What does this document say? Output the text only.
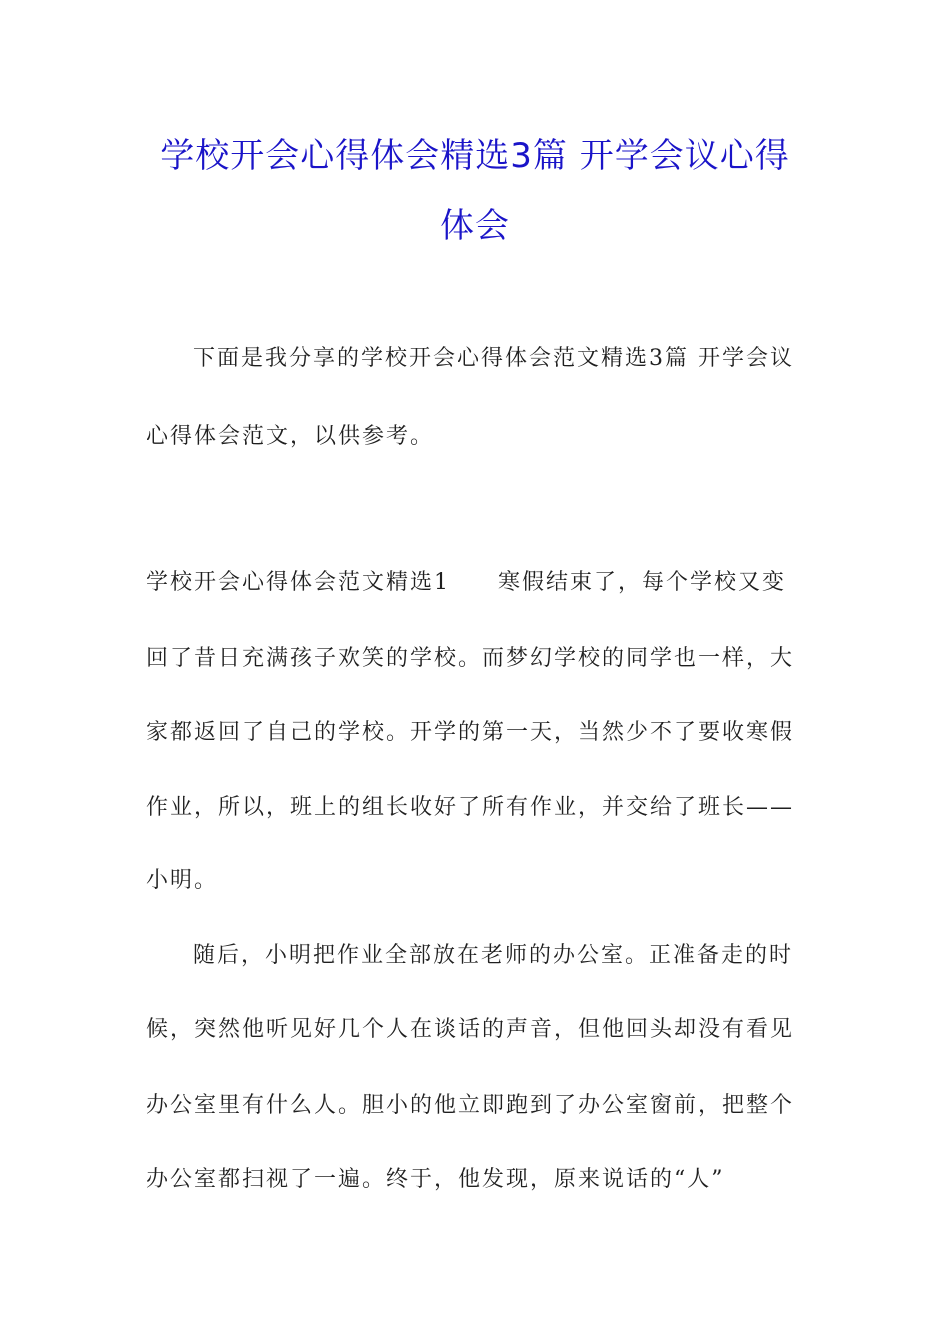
学校开会心得体会精选3篇 开学会议心得
体会
下面是我分享的学校开会心得体会范文精选3篇 开学会议
心得体会范文，以供参考。
学校开会心得体会范文精选1　　寒假结束了，每个学校又变
回了昔日充满孩子欢笑的学校。而梦幻学校的同学也一样，大
家都返回了自己的学校。开学的第一天，当然少不了要收寒假
作业，所以，班上的组长收好了所有作业，并交给了班长——
小明。
随后，小明把作业全部放在老师的办公室。正准备走的时
候，突然他听见好几个人在谈话的声音，但他回头却没有看见
办公室里有什么人。胆小的他立即跑到了办公室窗前，把整个
办公室都扫视了一遍。终于，他发现，原来说话的“人”
